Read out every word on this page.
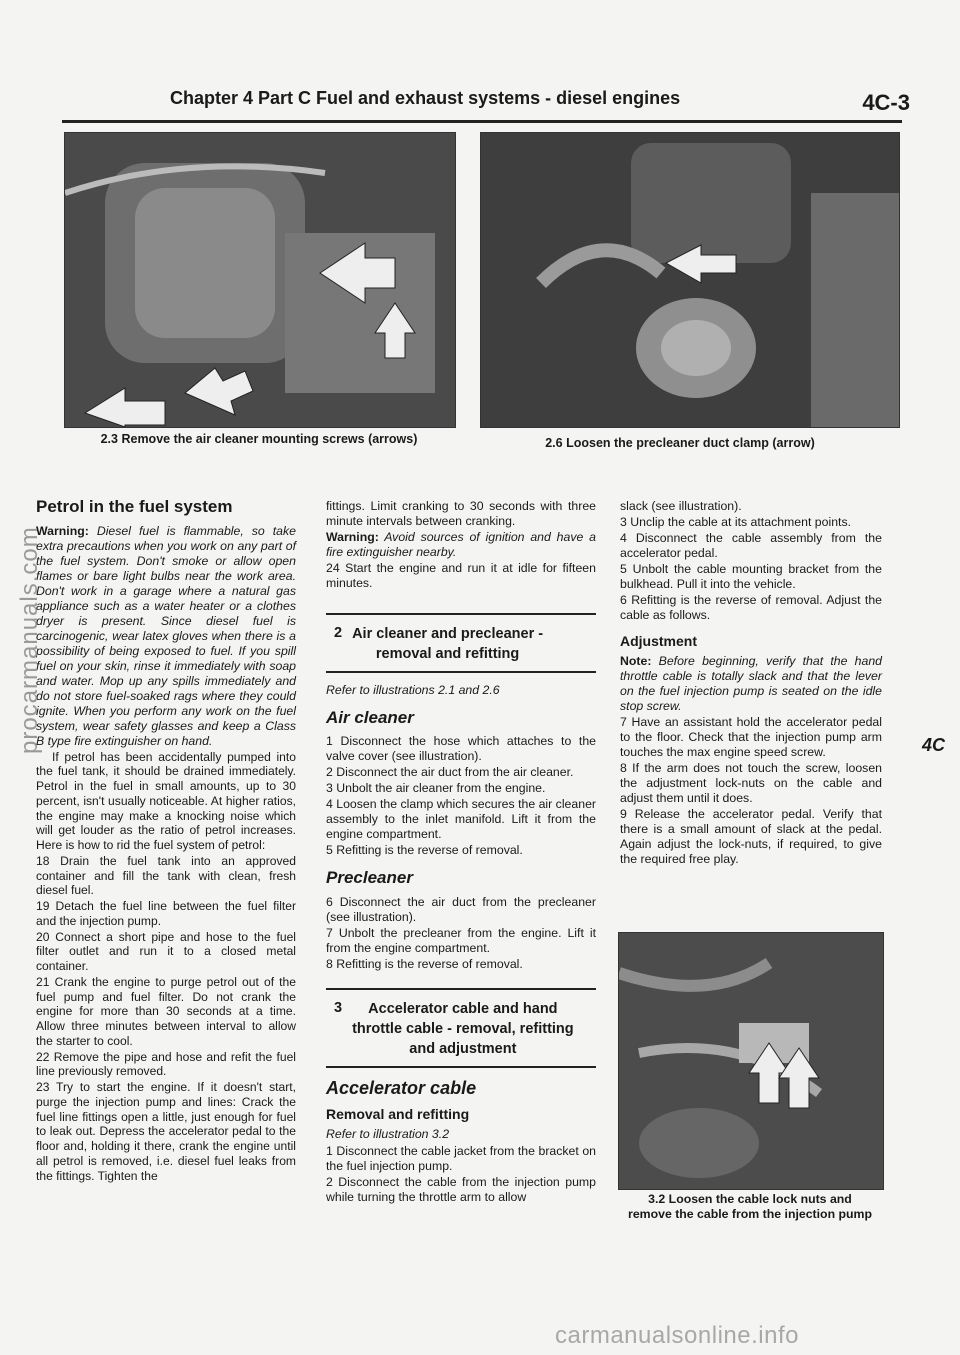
Chapter 4 Part C Fuel and exhaust systems - diesel engines	4C-3
2.3 Remove the air cleaner mounting screws (arrows)	2.6 Loosen the precleaner duct clamp (arrow)
Petrol in the fuel system

Warning: Diesel fuel is flammable, so take extra precautions when you work on any part of the fuel system. Don't smoke or allow open flames or bare light bulbs near the work area. Don't work in a garage where a natural gas appliance such as a water heater or a clothes dryer is present. Since diesel fuel is carcinogenic, wear latex gloves when there is a possibility of being exposed to fuel. If you spill fuel on your skin, rinse it immediately with soap and water. Mop up any spills immediately and do not store fuel-soaked rags where they could ignite. When you perform any work on the fuel system, wear safety glasses and keep a Class B type fire extinguisher on hand.

If petrol has been accidentally pumped into the fuel tank, it should be drained immediately. Petrol in the fuel in small amounts, up to 30 percent, isn't usually noticeable. At higher ratios, the engine may make a knocking noise which will get louder as the ratio of petrol increases. Here is how to rid the fuel system of petrol:

18 Drain the fuel tank into an approved container and fill the tank with clean, fresh diesel fuel.

19 Detach the fuel line between the fuel filter and the injection pump.

20 Connect a short pipe and hose to the fuel filter outlet and run it to a closed metal container.

21 Crank the engine to purge petrol out of the fuel pump and fuel filter. Do not crank the engine for more than 30 seconds at a time. Allow three minutes between interval to allow the starter to cool.

22 Remove the pipe and hose and refit the fuel line previously removed.

23 Try to start the engine. If it doesn't start, purge the injection pump and lines: Crack the fuel line fittings open a little, just enough for fuel to leak out. Depress the accelerator pedal to the floor and, holding it there, crank the engine until all petrol is removed, i.e. diesel fuel leaks from the fittings. Tighten the

fittings. Limit cranking to 30 seconds with three minute intervals between cranking.

Warning: Avoid sources of ignition and have a fire extinguisher nearby.

24 Start the engine and run it at idle for fifteen minutes.

2 Air cleaner and precleaner -

removal and refitting

Refer to illustrations 2.1 and 2.6

Air cleaner

1 Disconnect the hose which attaches to the valve cover (see illustration).

2 Disconnect the air duct from the air cleaner.

3 Unbolt the air cleaner from the engine.

4 Loosen the clamp which secures the air cleaner assembly to the inlet manifold. Lift it from the engine compartment.

5 Refitting is the reverse of removal.

Precleaner

6 Disconnect the air duct from the precleaner (see illustration).

7 Unbolt the precleaner from the engine. Lift it from the engine compartment.

8 Refitting is the reverse of removal.

3	Accelerator cable and hand

throttle cable - removal, refitting

and adjustment

Accelerator cable
Removal and refitting

Refer to illustration 3.2

1 Disconnect the cable jacket from the bracket on the fuel injection pump.

2 Disconnect the cable from the injection pump while turning the throttle arm to allow

slack (see illustration).

3 Unclip the cable at its attachment points.

4 Disconnect the cable assembly from the accelerator pedal.

5 Unbolt the cable mounting bracket from the bulkhead. Pull it into the vehicle.

6 Refitting is the reverse of removal. Adjust the cable as follows.

Adjustment

Note: Before beginning, verify that the hand throttle cable is totally slack and that the lever on the fuel injection pump is seated on the idle stop screw.

7 Have an assistant hold the accelerator pedal to the floor. Check that the injection pump arm touches the max engine speed screw.

8 If the arm does not touch the screw, loosen the adjustment lock-nuts on the cable and adjust them until it does.

9 Release the accelerator pedal. Verify that there is a small amount of slack at the pedal. Again adjust the lock-nuts, if required, to give the required free play.

3.2 Loosen the cable lock nuts and
remove the cable from the injection pump
4C
procarmanuals.com
carmanualsonline.info
